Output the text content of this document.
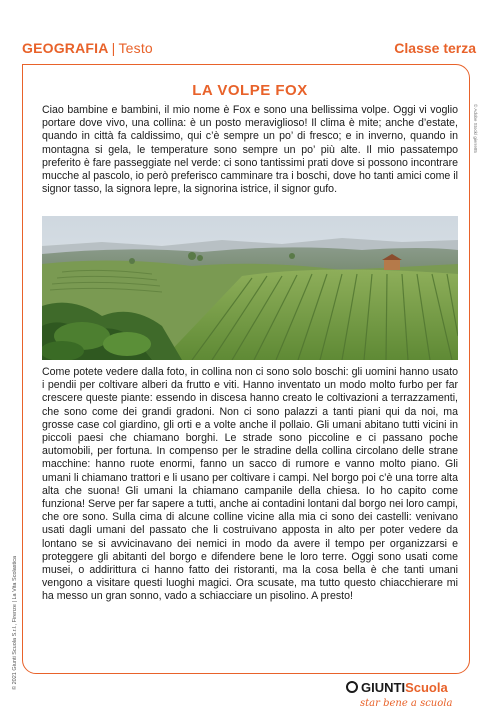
GEOGRAFIA | Testo	Classe terza
LA VOLPE FOX
© Adobe Stock/ gierre85

Ciao bambine e bambini, il mio nome è Fox e sono una bellissima volpe. Oggi vi voglio portare dove vivo, una collina: è un posto meraviglioso! Il clima è mite; anche d’estate, quando in città fa caldissimo, qui c’è sempre un po’ di fresco; e in inverno, quando in montagna si gela, le temperature sono sempre un po’ più alte. Il mio passatempo preferito è fare passeggiate nel verde: ci sono tantissimi prati dove si possono incontrare mucche al pascolo, io però preferisco camminare tra i boschi, dove ho tanti amici come il signor tasso, la signora lepre, la signorina istrice, il signor gufo.

Come potete vedere dalla foto, in collina non ci sono solo boschi: gli uomini hanno usato i pendii per coltivare alberi da frutto e viti. Hanno inventato un modo molto furbo per far crescere queste piante: essendo in discesa hanno creato le coltivazioni a terrazzamenti, che sono come dei grandi gradoni. Non ci sono palazzi a tanti piani qui da noi, ma grosse case col giardino, gli orti e a volte anche il pollaio. Gli umani abitano tutti vicini in piccoli paesi che chiamano borghi. Le strade sono piccoline e ci passano poche automobili, per fortuna. In compenso per le stradine della collina circolano delle strane macchine: hanno ruote enormi, fanno un sacco di rumore e vanno molto piano. Gli umani li chiamano trattori e li usano per coltivare i campi. Nel borgo poi c’è una torre alta alta che suona! Gli umani la chiamano campanile della chiesa. Io ho capito come funziona! Serve per far sapere a tutti, anche ai contadini lontani dal borgo nei loro campi, che ore sono. Sulla cima di alcune colline vicine alla mia ci sono dei castelli: venivano usati dagli umani del passato che li costruivano apposta in alto per poter vedere da lontano se si avvicinavano dei nemici in modo da avere il tempo per organizzarsi e proteggere gli abitanti del borgo e difendere bene le loro terre. Oggi sono usati come musei, o addirittura ci hanno fatto dei ristoranti, ma la cosa bella è che tanti umani vengono a visitare questi luoghi magici. Ora scusate, ma tutto questo chiacchierare mi ha messo un gran sonno, vado a schiacciare un pisolino. A presto!

© 2021 Giunti Scuola S.r.l., Firenze | La Vita Scolastica	GIUNTIScuola
star bene a scuola
